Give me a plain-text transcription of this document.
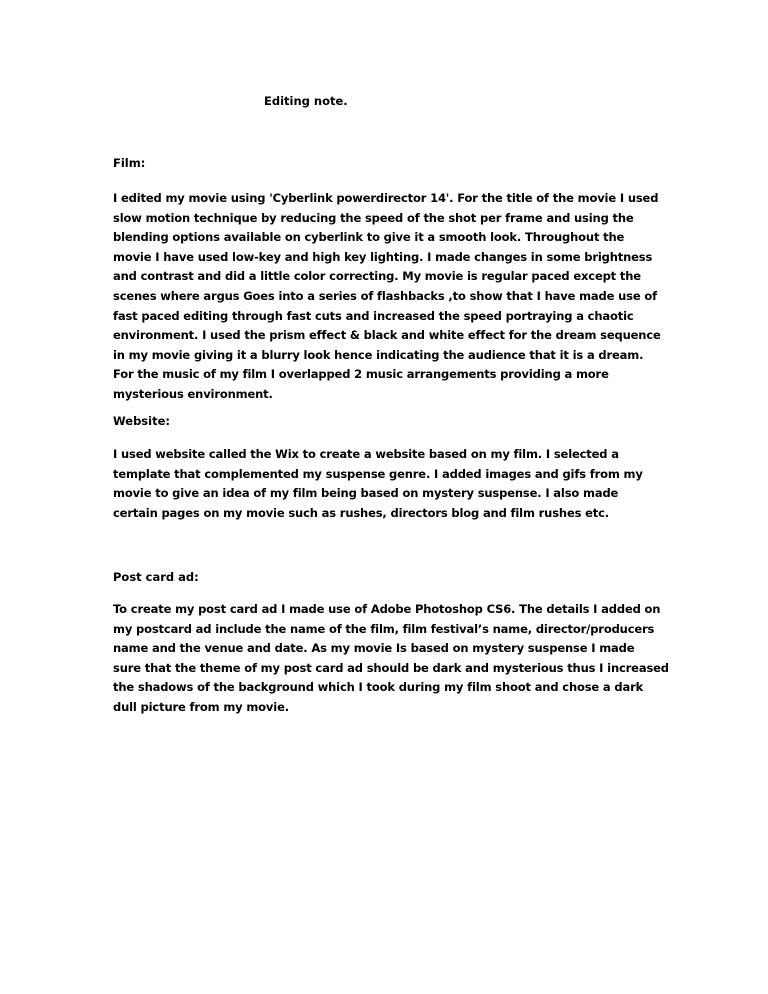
Editing note.
Film:
I edited my movie using 'Cyberlink powerdirector 14'. For the title of the movie I used
slow motion technique by reducing the speed of the shot per frame and using the
blending options available on cyberlink to give it a smooth look. Throughout the
movie I have used low-key and high key lighting. I made changes in some brightness
and contrast and did a little color correcting. My movie is regular paced except the
scenes where argus Goes into a series of flashbacks ,to show that I have made use of
fast paced editing through fast cuts and increased the speed portraying a chaotic
environment. I used the prism effect & black and white effect for the dream sequence
in my movie giving it a blurry look hence indicating the audience that it is a dream.
For the music of my film I overlapped 2 music arrangements providing a more
mysterious environment.
Website:
I used website called the Wix to create a website based on my film. I selected a
template that complemented my suspense genre. I added images and gifs from my
movie to give an idea of my film being based on mystery suspense. I also made
certain pages on my movie such as rushes, directors blog and film rushes etc.
Post card ad:
To create my post card ad I made use of Adobe Photoshop CS6. The details I added on
my postcard ad include the name of the film, film festival’s name, director/producers
name and the venue and date. As my movie Is based on mystery suspense I made
sure that the theme of my post card ad should be dark and mysterious thus I increased
the shadows of the background which I took during my film shoot and chose a dark
dull picture from my movie.
